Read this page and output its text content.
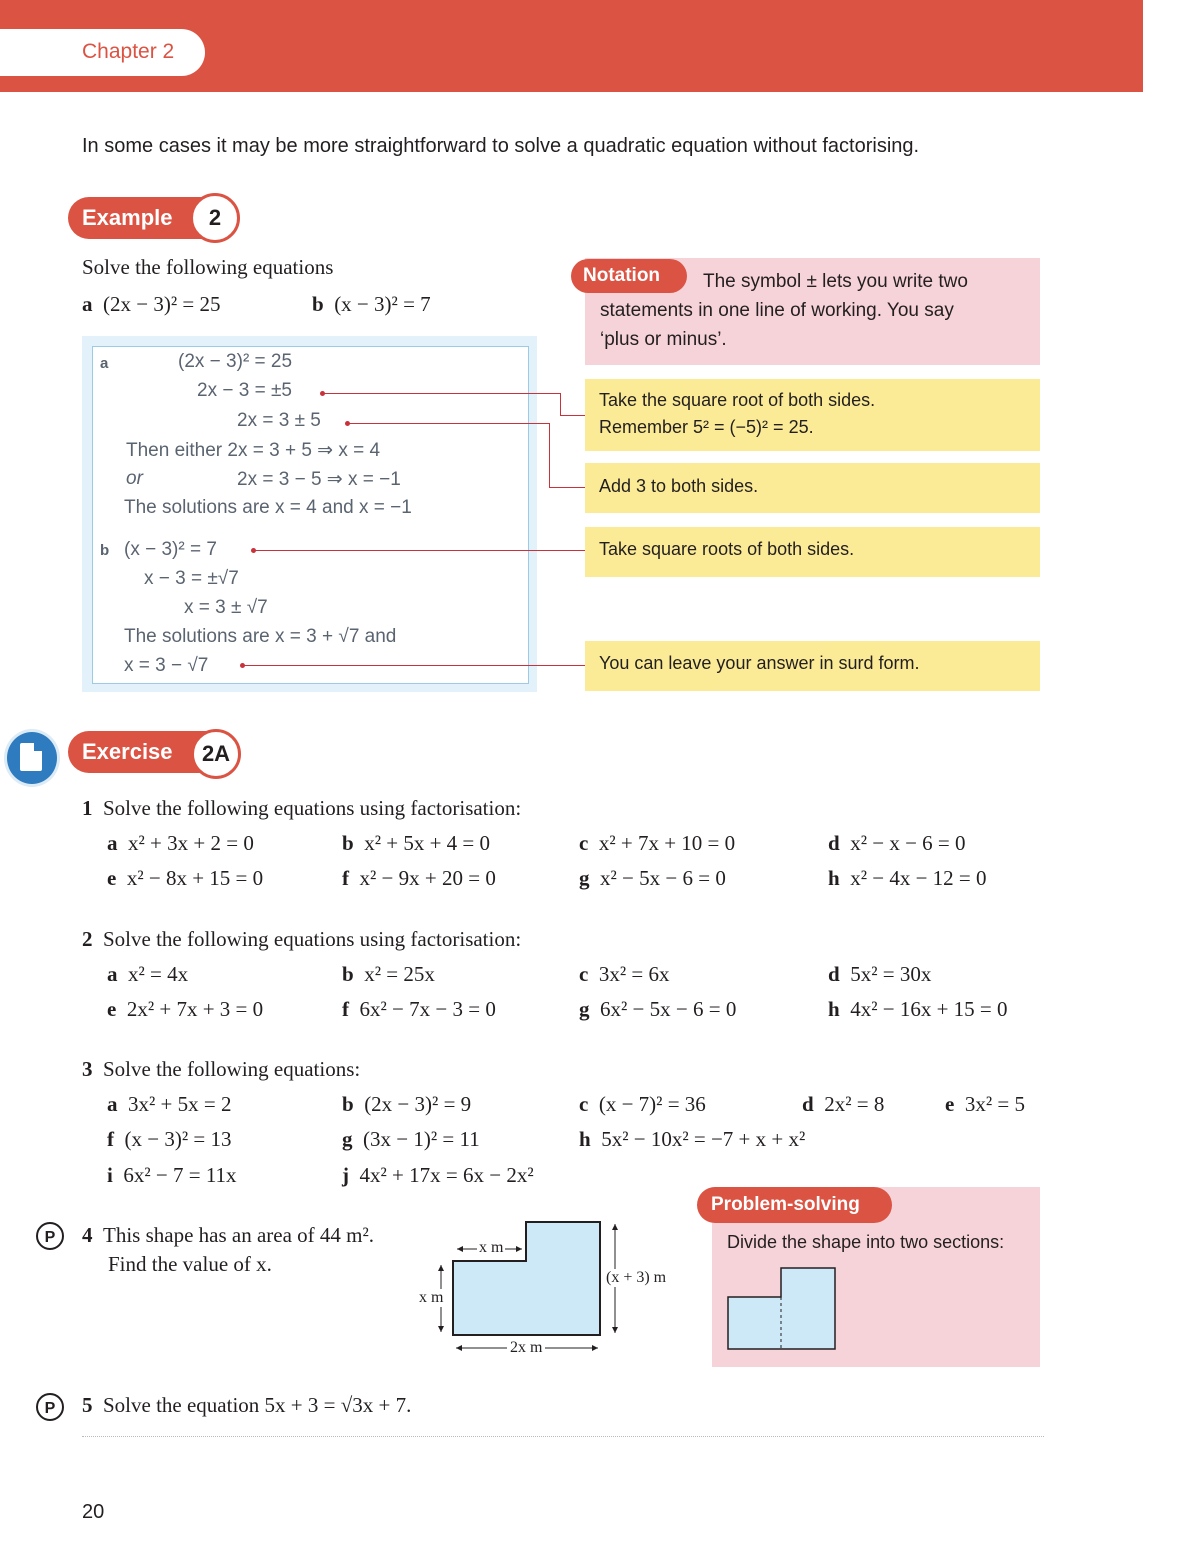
Chapter 2
In some cases it may be more straightforward to solve a quadratic equation without factorising.
Example	2
Solve the following equations
a (2x − 3)² = 25	b (x − 3)² = 7
a	(2x − 3)² = 25
2x − 3 = ±5
2x = 3 ± 5
Then either 2x = 3 + 5 ⇒ x = 4
or	2x = 3 − 5 ⇒ x = −1
The solutions are x = 4 and x = −1
b (x − 3)² = 7
x − 3 = ±√7
x = 3 ± √7
The solutions are x = 3 + √7 and
x = 3 − √7
Notation The symbol ± lets you write two
statements in one line of working. You say
‘plus or minus’.
Take the square root of both sides.
Remember 5² = (−5)² = 25.
Add 3 to both sides.
Take square roots of both sides.
You can leave your answer in surd form.
Exercise	2A
1 Solve the following equations using factorisation:
a x² + 3x + 2 = 0	b x² + 5x + 4 = 0	c x² + 7x + 10 = 0	d x² − x − 6 = 0
e x² − 8x + 15 = 0	f x² − 9x + 20 = 0	g x² − 5x − 6 = 0	h x² − 4x − 12 = 0
2 Solve the following equations using factorisation:
a x² = 4x	b x² = 25x	c 3x² = 6x	d 5x² = 30x
e 2x² + 7x + 3 = 0	f 6x² − 7x − 3 = 0	g 6x² − 5x − 6 = 0	h 4x² − 16x + 15 = 0
3 Solve the following equations:
a 3x² + 5x = 2	b (2x − 3)² = 9	c (x − 7)² = 36	d 2x² = 8	e 3x² = 5
f (x − 3)² = 13	g (3x − 1)² = 11	h 5x² − 10x² = −7 + x + x²
i 6x² − 7 = 11x	j 4x² + 17x = 6x − 2x²
P	4 This shape has an area of 44 m².
Find the value of x.
x m
x m
(x + 3) m
2x m
Problem-solving
Divide the shape into two sections:
P	5 Solve the equation 5x + 3 = √3x + 7.
20
